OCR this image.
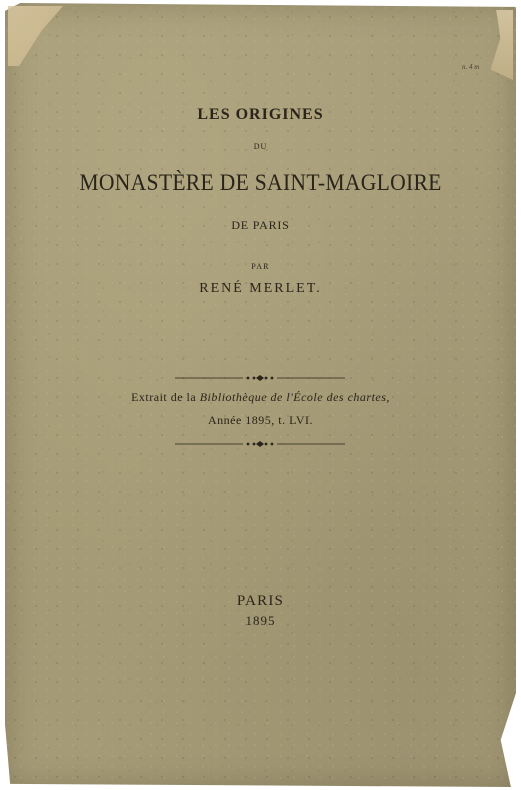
n. 4 m
LES ORIGINES
DU
MONASTÈRE DE SAINT-MAGLOIRE
DE PARIS
PAR
RENÉ MERLET.
Extrait de la Bibliothèque de l'École des chartes,
Année 1895, t. LVI.
PARIS
1895
